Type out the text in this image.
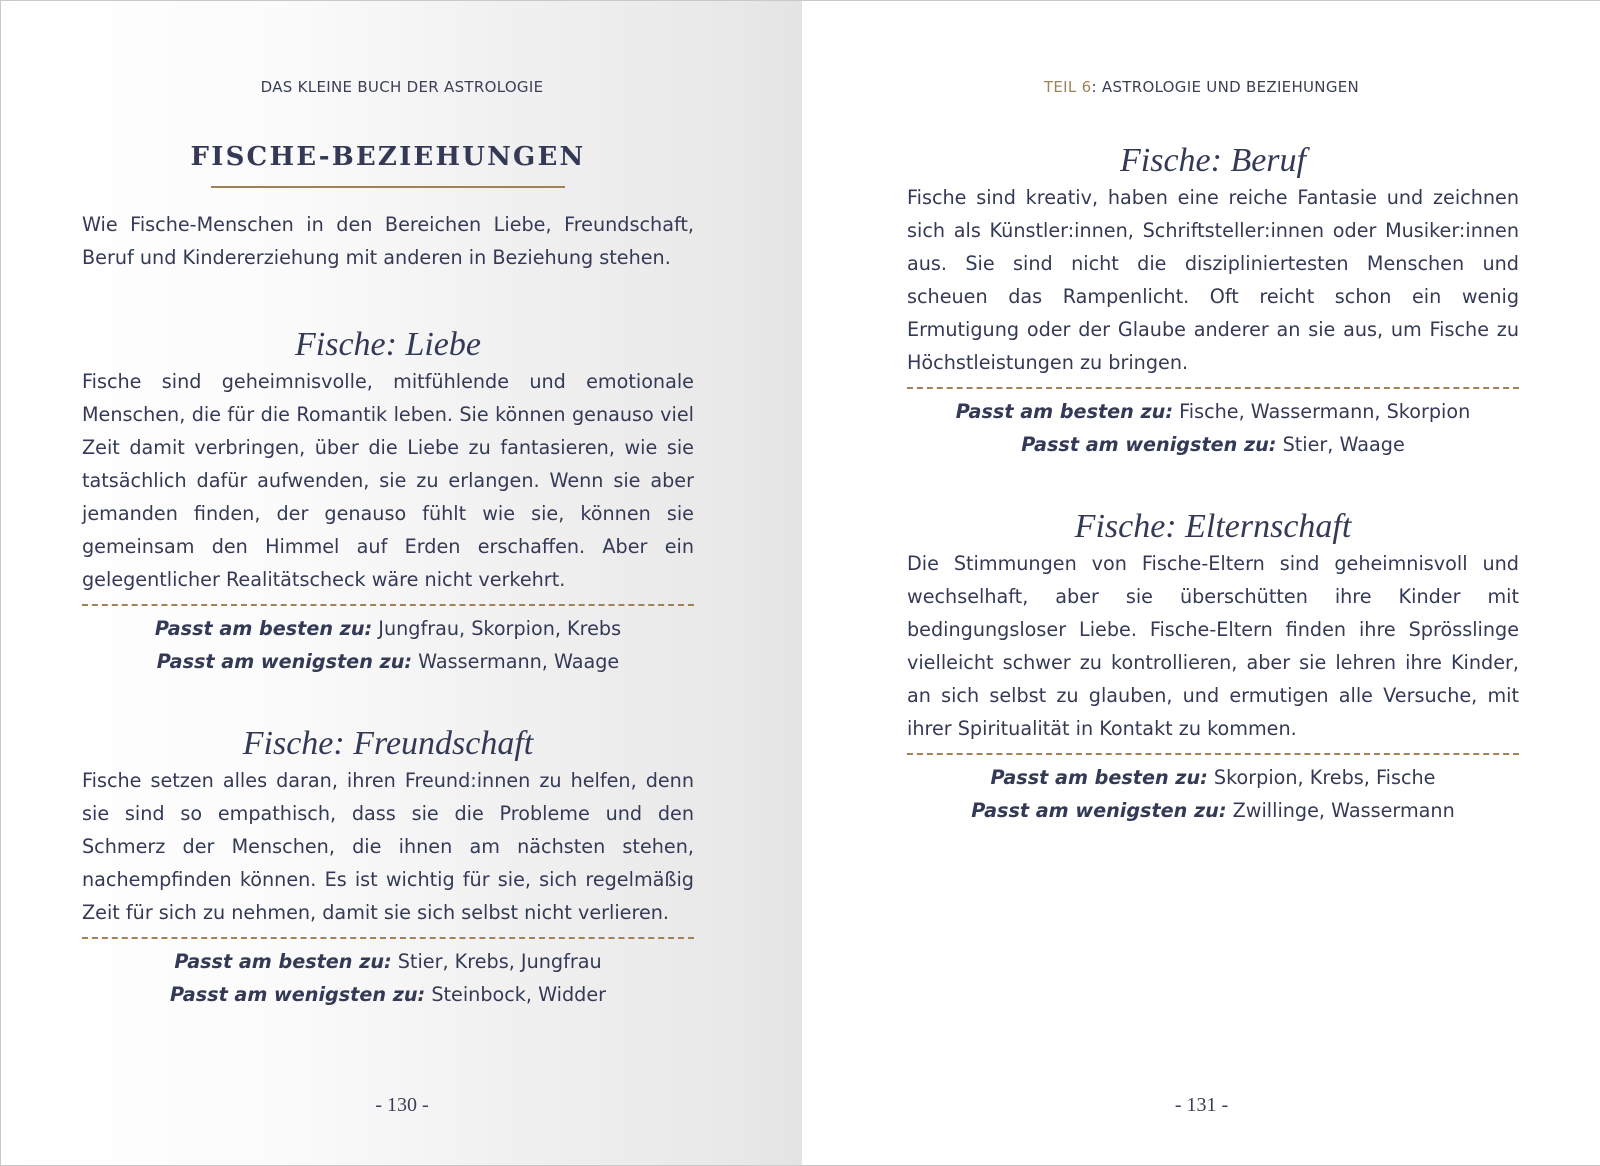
DAS KLEINE BUCH DER ASTROLOGIE
FISCHE-BEZIEHUNGEN

Wie Fische-Menschen in den Bereichen Liebe, Freundschaft, Beruf und Kindererziehung mit anderen in Beziehung stehen.

Fische: Liebe

Fische sind geheimnisvolle, mitfühlende und emotionale Menschen, die für die Romantik leben. Sie können genauso viel Zeit damit verbringen, über die Liebe zu fantasieren, wie sie tatsächlich dafür aufwenden, sie zu erlangen. Wenn sie aber jemanden finden, der genauso fühlt wie sie, können sie gemeinsam den Himmel auf Erden erschaffen. Aber ein gelegentlicher Realitätscheck wäre nicht verkehrt.

Passt am besten zu: Jungfrau, Skorpion, Krebs
Passt am wenigsten zu: Wassermann, Waage
Fische: Freundschaft

Fische setzen alles daran, ihren Freund:innen zu helfen, denn sie sind so empathisch, dass sie die Probleme und den Schmerz der Menschen, die ihnen am nächsten stehen, nachempfinden können. Es ist wichtig für sie, sich regelmäßig Zeit für sich zu nehmen, damit sie sich selbst nicht verlieren.

Passt am besten zu: Stier, Krebs, Jungfrau
Passt am wenigsten zu: Steinbock, Widder
- 130 -
TEIL 6: ASTROLOGIE UND BEZIEHUNGEN
Fische: Beruf

Fische sind kreativ, haben eine reiche Fantasie und zeichnen sich als Künstler:innen, Schriftsteller:innen oder Musiker:innen aus. Sie sind nicht die diszipliniertesten Menschen und scheuen das Rampenlicht. Oft reicht schon ein wenig Ermutigung oder der Glaube anderer an sie aus, um Fische zu Höchstleistungen zu bringen.

Passt am besten zu: Fische, Wassermann, Skorpion
Passt am wenigsten zu: Stier, Waage
Fische: Elternschaft

Die Stimmungen von Fische-Eltern sind geheimnisvoll und wechselhaft, aber sie überschütten ihre Kinder mit bedingungsloser Liebe. Fische-Eltern finden ihre Sprösslinge vielleicht schwer zu kontrollieren, aber sie lehren ihre Kinder, an sich selbst zu glauben, und ermutigen alle Versuche, mit ihrer Spiritualität in Kontakt zu kommen.

Passt am besten zu: Skorpion, Krebs, Fische
Passt am wenigsten zu: Zwillinge, Wassermann
- 131 -
